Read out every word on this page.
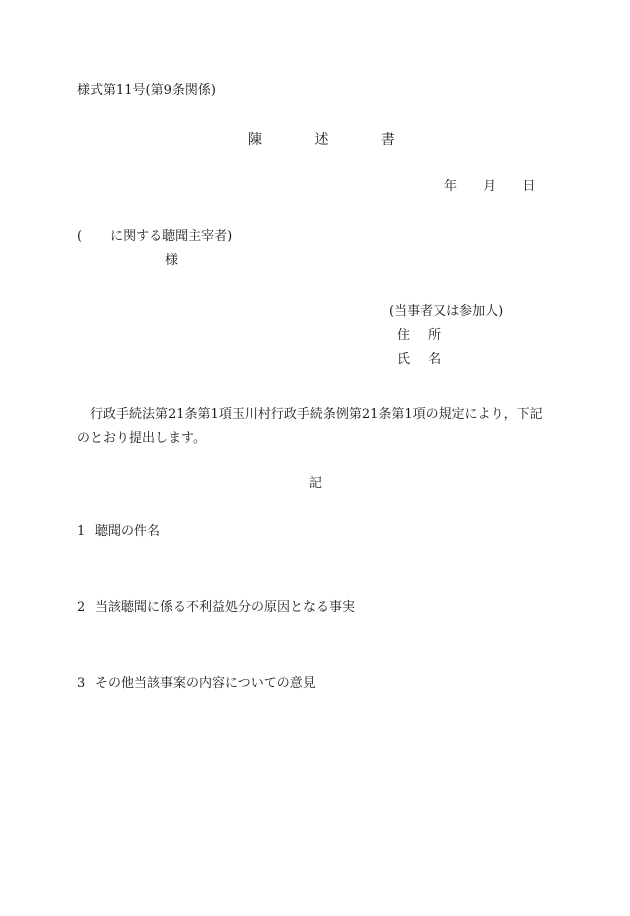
様式第11号(第9条関係)
陳	述	書
年 月 日
( に関する聴聞主宰者)
様
(当事者又は参加人)
住 所
氏 名
行政手続法第21条第1項玉川村行政手続条例第21条第1項の規定により，下記のとおり提出します。
記
1 聴聞の件名
2 当該聴聞に係る不利益処分の原因となる事実
3 その他当該事案の内容についての意見
